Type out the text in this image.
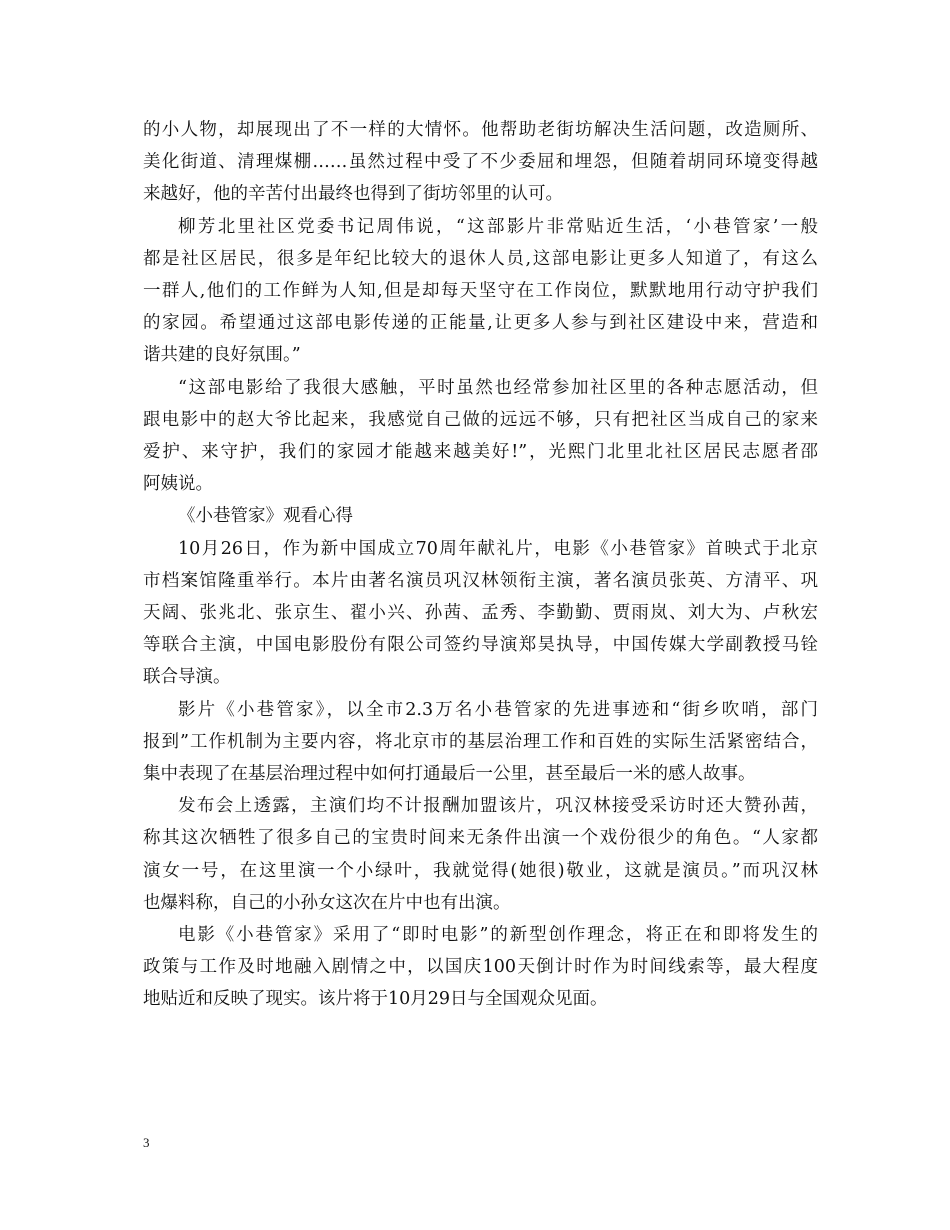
的小人物，却展现出了不一样的大情怀。他帮助老街坊解决生活问题，改造厕所、
美化街道、清理煤棚……虽然过程中受了不少委屈和埋怨，但随着胡同环境变得越
来越好，他的辛苦付出最终也得到了街坊邻里的认可。
柳芳北里社区党委书记周伟说，“这部影片非常贴近生活，‘小巷管家’一般
都是社区居民，很多是年纪比较大的退休人员,这部电影让更多人知道了，有这么
一群人,他们的工作鲜为人知,但是却每天坚守在工作岗位，默默地用行动守护我们
的家园。希望通过这部电影传递的正能量,让更多人参与到社区建设中来，营造和
谐共建的良好氛围。”
“这部电影给了我很大感触，平时虽然也经常参加社区里的各种志愿活动，但
跟电影中的赵大爷比起来，我感觉自己做的远远不够，只有把社区当成自己的家来
爱护、来守护，我们的家园才能越来越美好!”，光熙门北里北社区居民志愿者邵
阿姨说。
《小巷管家》观看心得
10月26日，作为新中国成立70周年献礼片，电影《小巷管家》首映式于北京
市档案馆隆重举行。本片由著名演员巩汉林领衔主演，著名演员张英、方清平、巩
天阔、张兆北、张京生、翟小兴、孙茜、孟秀、李勤勤、贾雨岚、刘大为、卢秋宏
等联合主演，中国电影股份有限公司签约导演郑昊执导，中国传媒大学副教授马铨
联合导演。
影片《小巷管家》，以全市2.3万名小巷管家的先进事迹和“街乡吹哨，部门
报到”工作机制为主要内容，将北京市的基层治理工作和百姓的实际生活紧密结合，
集中表现了在基层治理过程中如何打通最后一公里，甚至最后一米的感人故事。
发布会上透露，主演们均不计报酬加盟该片，巩汉林接受采访时还大赞孙茜，
称其这次牺牲了很多自己的宝贵时间来无条件出演一个戏份很少的角色。“人家都
演女一号，在这里演一个小绿叶，我就觉得(她很)敬业，这就是演员。”而巩汉林
也爆料称，自己的小孙女这次在片中也有出演。
电影《小巷管家》采用了“即时电影”的新型创作理念，将正在和即将发生的
政策与工作及时地融入剧情之中，以国庆100天倒计时作为时间线索等，最大程度
地贴近和反映了现实。该片将于10月29日与全国观众见面。
3
